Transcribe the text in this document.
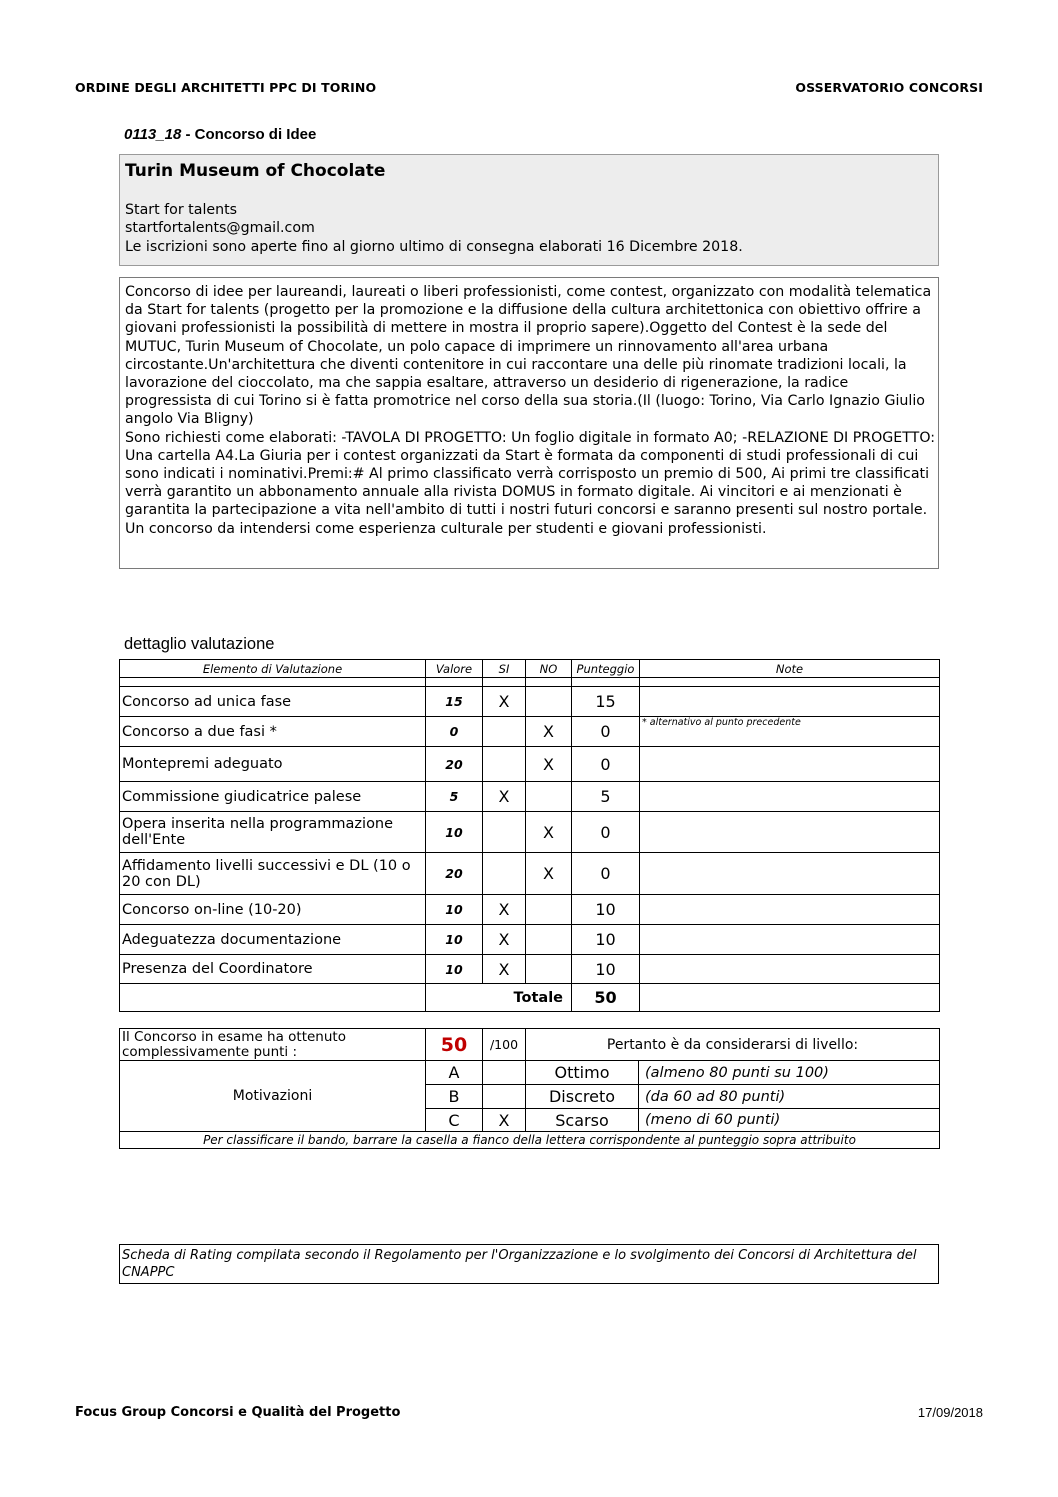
ORDINE DEGLI ARCHITETTI PPC DI TORINO	OSSERVATORIO CONCORSI
0113_18 - Concorso di Idee
Turin Museum of Chocolate
Start for talents
startfortalents@gmail.com
Le iscrizioni sono aperte fino al giorno ultimo di consegna elaborati 16 Dicembre 2018.

Concorso di idee per laureandi, laureati o liberi professionisti, come contest, organizzato con modalità telematica da Start for talents (progetto per la promozione e la diffusione della cultura architettonica con obiettivo offrire a giovani professionisti la possibilità di mettere in mostra il proprio sapere).Oggetto del Contest è la sede del MUTUC, Turin Museum of Chocolate, un polo capace di imprimere un rinnovamento all'area urbana circostante.Un'architettura che diventi contenitore in cui raccontare una delle più rinomate tradizioni locali, la lavorazione del cioccolato, ma che sappia esaltare, attraverso un desiderio di rigenerazione, la radice progressista di cui Torino si è fatta promotrice nel corso della sua storia.(Il (luogo: Torino, Via Carlo Ignazio Giulio angolo Via Bligny)
Sono richiesti come elaborati: -TAVOLA DI PROGETTO: Un foglio digitale in formato A0; -RELAZIONE DI PROGETTO: Una cartella A4.La Giuria per i contest organizzati da Start è formata da componenti di studi professionali di cui sono indicati i nominativi.Premi:# Al primo classificato verrà corrisposto un premio di 500, Ai primi tre classificati verrà garantito un abbonamento annuale alla rivista DOMUS in formato digitale. Ai vincitori e ai menzionati è garantita la partecipazione a vita nell'ambito di tutti i nostri futuri concorsi e saranno presenti sul nostro portale.
Un concorso da intendersi come esperienza culturale per studenti e giovani professionisti.

dettaglio valutazione
Elemento di Valutazione	Valore	SI	NO	Punteggio	Note

Concorso ad unica fase	15	X		15	
Concorso a due fasi *	0		X	0	* alternativo al punto precedente
Montepremi adeguato	20		X	0	
Commissione giudicatrice palese	5	X		5	
Opera inserita nella programmazione dell'Ente	10		X	0	
Affidamento livelli successivi e DL (10 o 20 con DL)	20		X	0	
Concorso on-line (10-20)	10	X		10	
Adeguatezza documentazione	10	X		10	
Presenza del Coordinatore	10	X		10	
	Totale			50	
Il Concorso in esame ha ottenuto complessivamente punti :	50	/100	Pertanto è da considerarsi di livello:	
Motivazioni	A		Ottimo	(almeno 80 punti su 100)
	B		Discreto	(da 60 ad 80 punti)
	C	X	Scarso	(meno di 60 punti)
Per classificare il bando, barrare la casella a fianco della lettera corrispondente al punteggio sopra attribuito				
Scheda di Rating compilata secondo il Regolamento per l'Organizzazione e lo svolgimento dei Concorsi di Architettura del CNAPPC
Focus Group Concorsi e Qualità del Progetto	17/09/2018
